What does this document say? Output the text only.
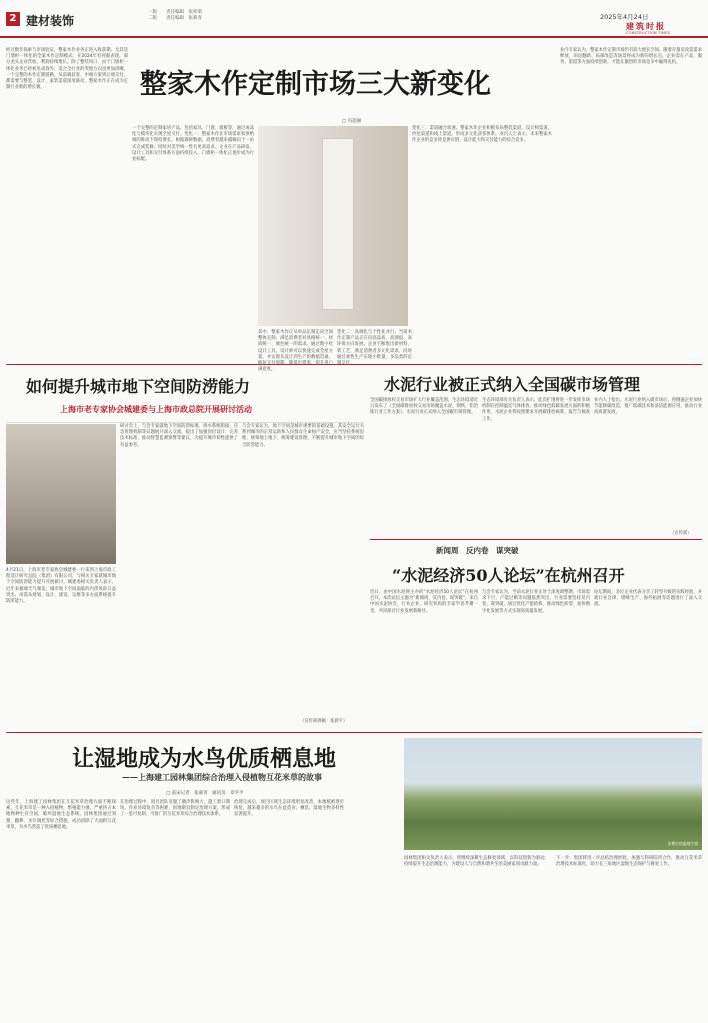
2 建材装饰
一版　　责任编辑　张梓萌
二版　　责任编辑　张莉青	2025年4月24日
建筑时报
CONSTRUCTION TIMES
整家木作定制市场三大新变化
□ 冯超丽
经过数年探索与市场验证，整家木作业务正进入收获期。尤其是门墙柜一体化的全案木作定制模式，在2024年有亮眼表现，部分龙头企业营收、利润持续增长。除了整装风口，由于门墙柜一体化业务已经初见成效外，适合全行业的突围方向也更加清晰。一个完整的木作定制链路，从前端获客、中端方案到后端交付，都需要与整装、设计、家装渠道深度联动，整家木作正在成为定制行业新的增长极。
一个完整的定制家居产品，包括家具、门窗、墙板等，通过成品化与模块化实现全屋交付。变化一：整家木作在市场需求和供给端的推动下保持增长。根据调研数据，消费者越来越倾向于一站式完成装修，同时对美学统一性有更高追求。企业在产品研发、设计工具和交付体系方面持续投入，门墙柜一体化正逐步成为行业标配。
其中，整家木作正从单品定制走向空间整体定制，满足消费者对风格统一、材质统一、颜色统一的需求。通过数字化设计工具，设计师可以快速完成全屋方案，并实现从设计到生产的数据贯通， 满意度。
变化二：高端化与个性化并行。当前木作定制产品正在向高品质、高颜值、高环保方向发展。企业不断推出新材料、新工艺，满足消费者多元化需求，同时通过柔性生产实现小批量、多品类的定
变化三：渠道融合加速。整家木作企业积极布局整装渠道、设计师渠道、拎包渠道和线上渠道，形成多元化获客体系。业内人士表示，未来整家木作企业的竞争将是供应链、设计能力和交付能力的综合竞争。
业内专家认为，整家木作定制市场仍有较大增长空间。随着存量房改造需求释放，旧房翻新、局部改造等场景将成为新的增长点，企业需在产品、服务、渠道等方面持续创新，才能在激烈的市场竞争中赢得先机。
如何提升城市地下空间防涝能力
上海市老专家协会城建委与上海市政总院开展研讨活动
4月21日，上海市老专家协会城建委一行来到上海市政工程设计研究总院（集团）有限公司，与相关专家就城市地下空间防涝能力提升开展研讨。城建委相关负责人表示，近年来极端天气频发，城市地下空间面临的内涝风险日益突出，亟需从规划、设计、建设、运维等多方面系统提升防涝能力。
研讨会上，与会专家就地下空间防涝标准、排水系统衔接、应急管理机制等议题展开深入交流，提出了加强顶层设计、完善技术标准、推动智慧监测预警等建议，为提升城市韧性提供了有益参考。
与会专家认为，地下空间是城市重要的基础设施，其安全运行关系到城市的正常运转和人民群众生命财产安全，应当坚持系统思维，统筹地上地下、统筹建设管理，不断提升城市地下空间的综合防涝能力。
（宣传部供稿　张晨宇）
水泥行业被正式纳入全国碳市场管理
全国碳排放权交易市场扩大行业覆盖范围，生态环境部近日发布了《全国碳排放权交易市场覆盖水泥、钢铁、铝冶炼行业工作方案》，水泥行业正式纳入全国碳市场管理。
生态环境部有关负责人表示，此次扩围将进一步发挥市场机制在控制温室气体排放、推动绿色低碳发展方面的积极作用，水泥企业将按照要求开展碳排放核算、报告与核查工作。
业内人士指出，水泥行业纳入碳市场后，将倒逼企业加快节能降碳改造，推广低碳技术和清洁能源应用，推动行业高质量发展。
（宣传部）
新闻周　反内卷　谋突破
“水泥经济50人论坛”在杭州召开
近日，由中国水泥网主办的“水泥经济50人论坛”在杭州召开。本次论坛主题为“新闻周，反内卷，谋突破”，来自中国水泥协会、行业企业、研究机构的专家学者齐聚一堂，共同探讨行业发展新路径。
与会专家认为，当前水泥行业正处于深度调整期，市场需求下行、产能过剩等问题依然突出，行业需要坚持反内卷、谋突破，通过优化产能结构、推动绿色转型、加快数字化发展等方式实现高质量发展。
论坛期间，多位企业代表分享了转型升级的实践经验，并就行业自律、错峰生产、海外拓展等话题进行了深入交流。
让湿地成为水鸟优质栖息地
——上海建工园林集团综合治理入侵植物互花米草的故事
□ 前宋记者　张嘉青　通讯员　章平平
治理后的湿地生境
这些年，上海建工园林集团在互花米草治理方面不断探索。互花米草是一种入侵植物，繁殖能力强，严重挤占本地物种生存空间，破坏湿地生态系统。园林集团通过刈割、翻耕、水位调控等综合措施，成功清除了大面积互花米草，为水鸟营造了优质栖息地。
在治理过程中，项目团队克服了潮汐影响大、施工窗口期短、作业环境复杂等困难，因地制宜制定治理方案，形成了一套可复制、可推广的互花米草综合治理技术体系。
治理完成后，项目区域生态环境明显改善，本地植被逐步恢复，越来越多的水鸟在此觅食、栖息，湿地生物多样性显著提升。
园林集团相关负责人表示，将继续深耕生态修复领域，以科技创新为驱动，持续提升生态治理能力，为建设人与自然和谐共生的美丽家园贡献力量。
下一步，集团将进一步总结治理经验，加强与科研院所合作，推动互花米草治理技术标准化，助力长三角地区湿地生态保护与修复工作。
